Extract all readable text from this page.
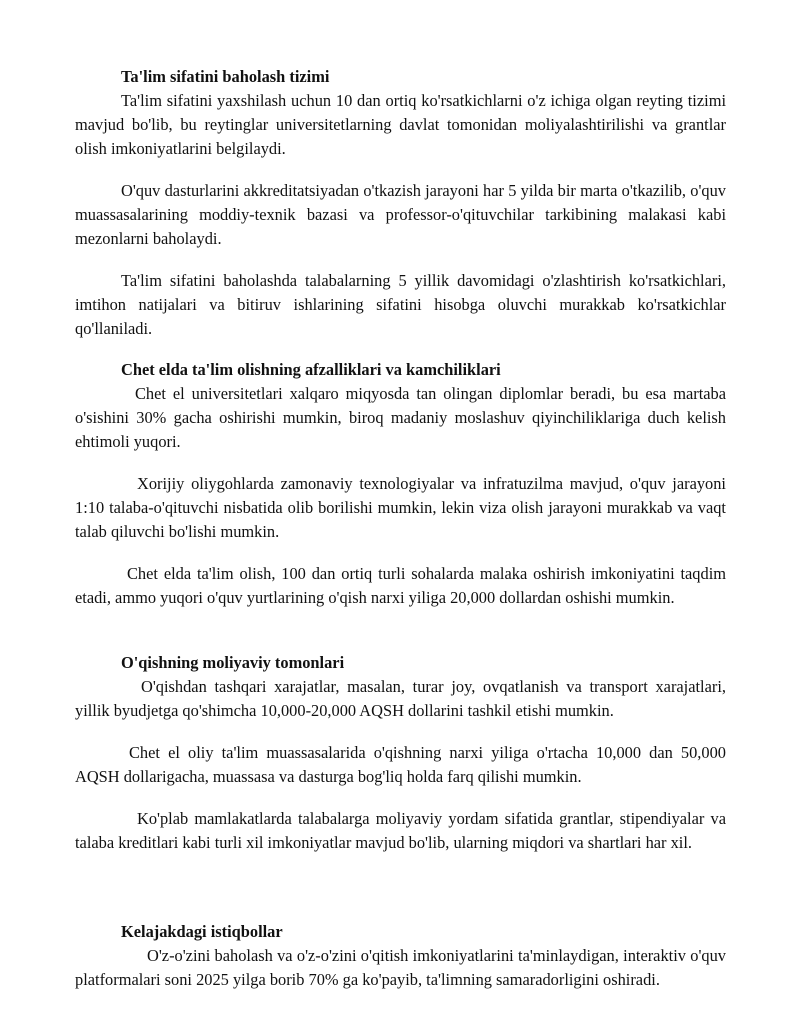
Ta'lim sifatini baholash tizimi

Ta'lim sifatini yaxshilash uchun 10 dan ortiq ko'rsatkichlarni o'z ichiga olgan reyting tizimi mavjud bo'lib, bu reytinglar universitetlarning davlat tomonidan moliyalashtirilishi va grantlar olish imkoniyatlarini belgilaydi.

O'quv dasturlarini akkreditatsiyadan o'tkazish jarayoni har 5 yilda bir marta o'tkazilib, o'quv muassasalarining moddiy-texnik bazasi va professor-o'qituvchilar tarkibining malakasi kabi mezonlarni baholaydi.

Ta'lim sifatini baholashda talabalarning 5 yillik davomidagi o'zlashtirish ko'rsatkichlari, imtihon natijalari va bitiruv ishlarining sifatini hisobga oluvchi murakkab ko'rsatkichlar qo'llaniladi.

Chet elda ta'lim olishning afzalliklari va kamchiliklari

Chet el universitetlari xalqaro miqyosda tan olingan diplomlar beradi, bu esa martaba o'sishini 30% gacha oshirishi mumkin, biroq madaniy moslashuv qiyinchiliklariga duch kelish ehtimoli yuqori.

Xorijiy oliygohlarda zamonaviy texnologiyalar va infratuzilma mavjud, o'quv jarayoni 1:10 talaba-o'qituvchi nisbatida olib borilishi mumkin, lekin viza olish jarayoni murakkab va vaqt talab qiluvchi bo'lishi mumkin.

Chet elda ta'lim olish, 100 dan ortiq turli sohalarda malaka oshirish imkoniyatini taqdim etadi, ammo yuqori o'quv yurtlarining o'qish narxi yiliga 20,000 dollardan oshishi mumkin.

O'qishning moliyaviy tomonlari

O'qishdan tashqari xarajatlar, masalan, turar joy, ovqatlanish va transport xarajatlari, yillik byudjetga qo'shimcha 10,000-20,000 AQSH dollarini tashkil etishi mumkin.

Chet el oliy ta'lim muassasalarida o'qishning narxi yiliga o'rtacha 10,000 dan 50,000 AQSH dollarigacha, muassasa va dasturga bog'liq holda farq qilishi mumkin.

Ko'plab mamlakatlarda talabalarga moliyaviy yordam sifatida grantlar, stipendiyalar va talaba kreditlari kabi turli xil imkoniyatlar mavjud bo'lib, ularning miqdori va shartlari har xil.

Kelajakdagi istiqbollar

O'z-o'zini baholash va o'z-o'zini o'qitish imkoniyatlarini ta'minlaydigan, interaktiv o'quv platformalari soni 2025 yilga borib 70% ga ko'payib, ta'limning samaradorligini oshiradi.
